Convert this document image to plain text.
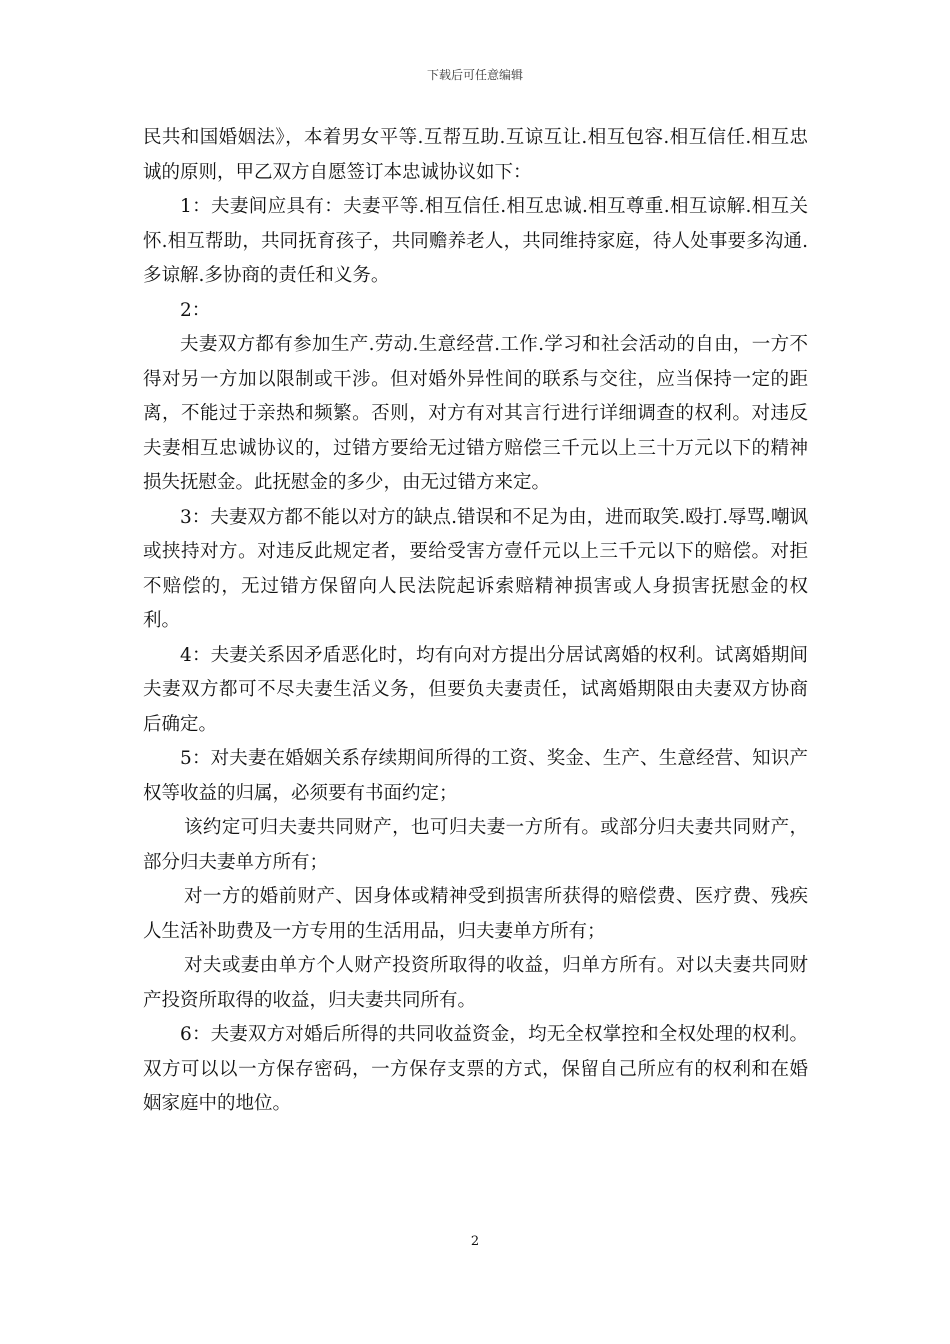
下载后可任意编辑

民共和国婚姻法》，本着男女平等.互帮互助.互谅互让.相互包容.相互信任.相互忠诚的原则，甲乙双方自愿签订本忠诚协议如下：

1：夫妻间应具有：夫妻平等.相互信任.相互忠诚.相互尊重.相互谅解.相互关怀.相互帮助，共同抚育孩子，共同赡养老人，共同维持家庭，待人处事要多沟通.多谅解.多协商的责任和义务。

2：

夫妻双方都有参加生产.劳动.生意经营.工作.学习和社会活动的自由，一方不得对另一方加以限制或干涉。但对婚外异性间的联系与交往，应当保持一定的距离，不能过于亲热和频繁。否则，对方有对其言行进行详细调查的权利。对违反夫妻相互忠诚协议的，过错方要给无过错方赔偿三千元以上三十万元以下的精神损失抚慰金。此抚慰金的多少，由无过错方来定。

3：夫妻双方都不能以对方的缺点.错误和不足为由，进而取笑.殴打.辱骂.嘲讽或挟持对方。对违反此规定者，要给受害方壹仟元以上三千元以下的赔偿。对拒不赔偿的，无过错方保留向人民法院起诉索赔精神损害或人身损害抚慰金的权利。

4：夫妻关系因矛盾恶化时，均有向对方提出分居试离婚的权利。试离婚期间夫妻双方都可不尽夫妻生活义务，但要负夫妻责任，试离婚期限由夫妻双方协商后确定。

5：对夫妻在婚姻关系存续期间所得的工资、奖金、生产、生意经营、知识产权等收益的归属，必须要有书面约定；

该约定可归夫妻共同财产，也可归夫妻一方所有。或部分归夫妻共同财产，部分归夫妻单方所有；

对一方的婚前财产、因身体或精神受到损害所获得的赔偿费、医疗费、残疾人生活补助费及一方专用的生活用品，归夫妻单方所有；

对夫或妻由单方个人财产投资所取得的收益，归单方所有。对以夫妻共同财产投资所取得的收益，归夫妻共同所有。

6：夫妻双方对婚后所得的共同收益资金，均无全权掌控和全权处理的权利。双方可以以一方保存密码，一方保存支票的方式，保留自己所应有的权利和在婚姻家庭中的地位。

2
